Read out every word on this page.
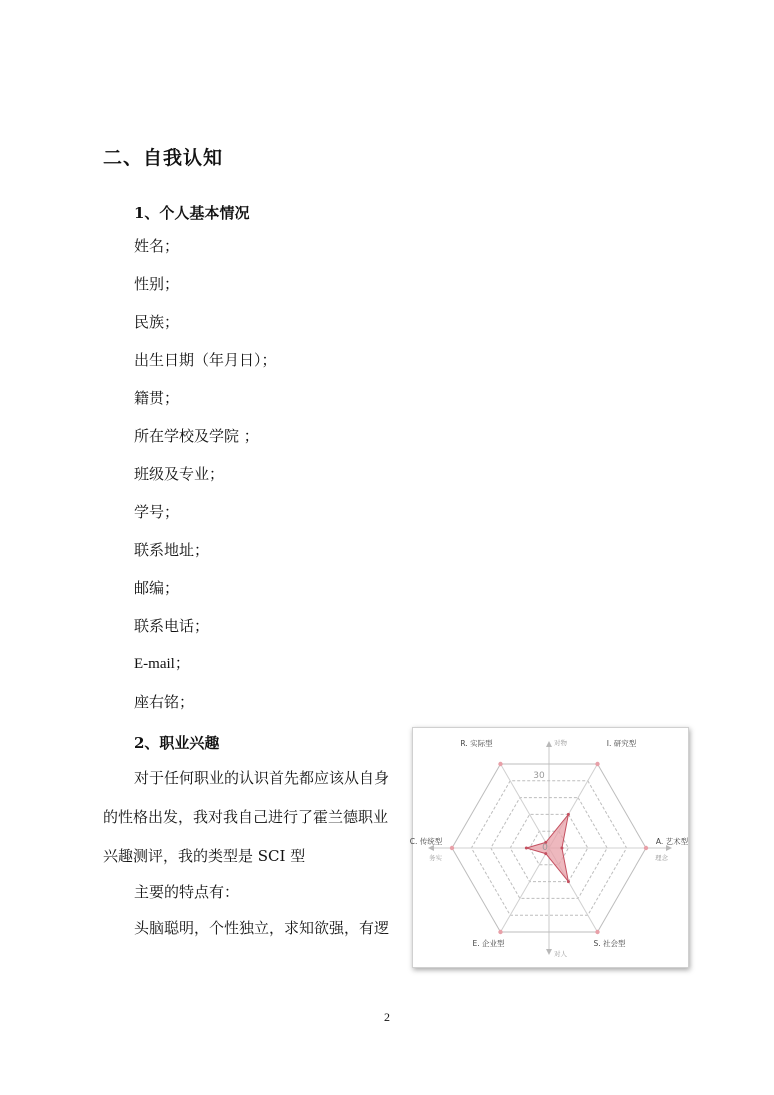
二、自我认知
1、个人基本情况
姓名；
性别；
民族；
出生日期（年月日）；
籍贯；
所在学校及学院 ；
班级及专业；
学号；
联系地址；
邮编；
联系电话；
E-mail；
座右铭；
2、职业兴趣
对于任何职业的认识首先都应该从自身
的性格出发，我对我自己进行了霍兰德职业
兴趣测评，我的类型是 SCI 型
主要的特点有：
头脑聪明，个性独立，求知欲强，有逻
I. 研究型
A. 艺术型
S. 社会型
E. 企业型
C. 传统型
R. 实际型
30
0
对物
对人
务实	理念
2
